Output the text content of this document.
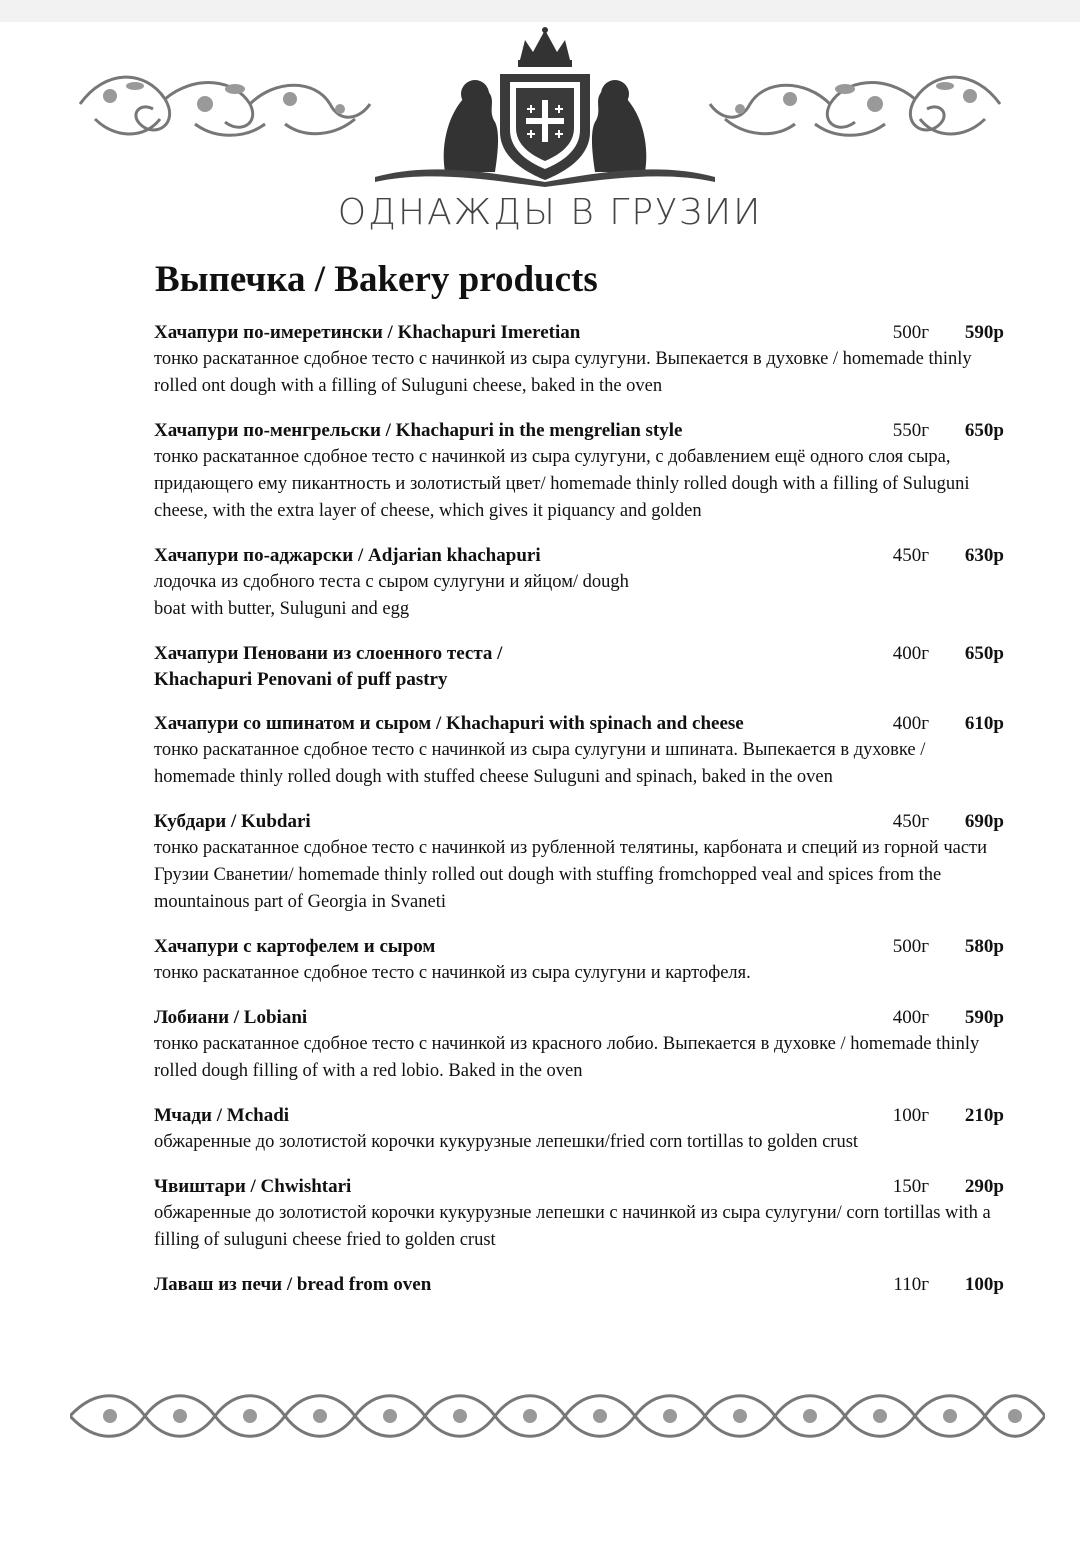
ОДНАЖДЫ В ГРУЗИИ
Выпечка / Bakery products
Хачапури по-имеретински / Khachapuri Imeretian	500г	590р

тонко раскатанное сдобное тесто с начинкой из сыра сулугуни. Выпекается в духовке / homemade thinly rolled ont dough with a filling of Suluguni cheese, baked in the oven

Хачапури по-менгрельски / Khachapuri in the mengrelian style	550г	650р

тонко раскатанное сдобное тесто с начинкой из сыра сулугуни, с добавлением ещё одного слоя сыра, придающего ему пикантность и золотистый цвет/ homemade thinly rolled dough with a filling of Suluguni cheese, with the extra layer of cheese, which gives it piquancy and golden

Хачапури по-аджарски / Adjarian khachapuri	450г	630р

лодочка из сдобного теста с сыром сулугуни и яйцом/ dough boat with butter, Suluguni and egg

Хачапури Пеновани из слоенного теста / Khachapuri Penovani of puff pastry
400г	650р
Хачапури со шпинатом и сыром / Khachapuri with spinach and cheese	400г	610р

тонко раскатанное сдобное тесто с начинкой из сыра сулугуни и шпината. Выпекается в духовке / homemade thinly rolled dough with stuffed cheese Suluguni and spinach, baked in the oven

Кубдари / Kubdari	450г	690р

тонко раскатанное сдобное тесто с начинкой из рубленной телятины, карбоната и специй из горной части Грузии Сванетии/ homemade thinly rolled out dough with stuffing fromchopped veal and spices from the mountainous part of Georgia in Svaneti

Хачапури с картофелем и сыром	500г	580р

тонко раскатанное сдобное тесто с начинкой из сыра сулугуни и картофеля.

Лобиани / Lobiani	400г	590р

тонко раскатанное сдобное тесто с начинкой из красного лобио. Выпекается в духовке / homemade thinly rolled dough filling of with a red lobio. Baked in the oven

Мчади / Mchadi	100г	210р

обжаренные до золотистой корочки кукурузные лепешки/fried corn tortillas to golden crust

Чвиштари / Chwishtari	150г	290р

обжаренные до золотистой корочки кукурузные лепешки с начинкой из сыра сулугуни/ corn tortillas with a filling of suluguni cheese fried to golden crust

Лаваш из печи / bread from oven	110г	100р
